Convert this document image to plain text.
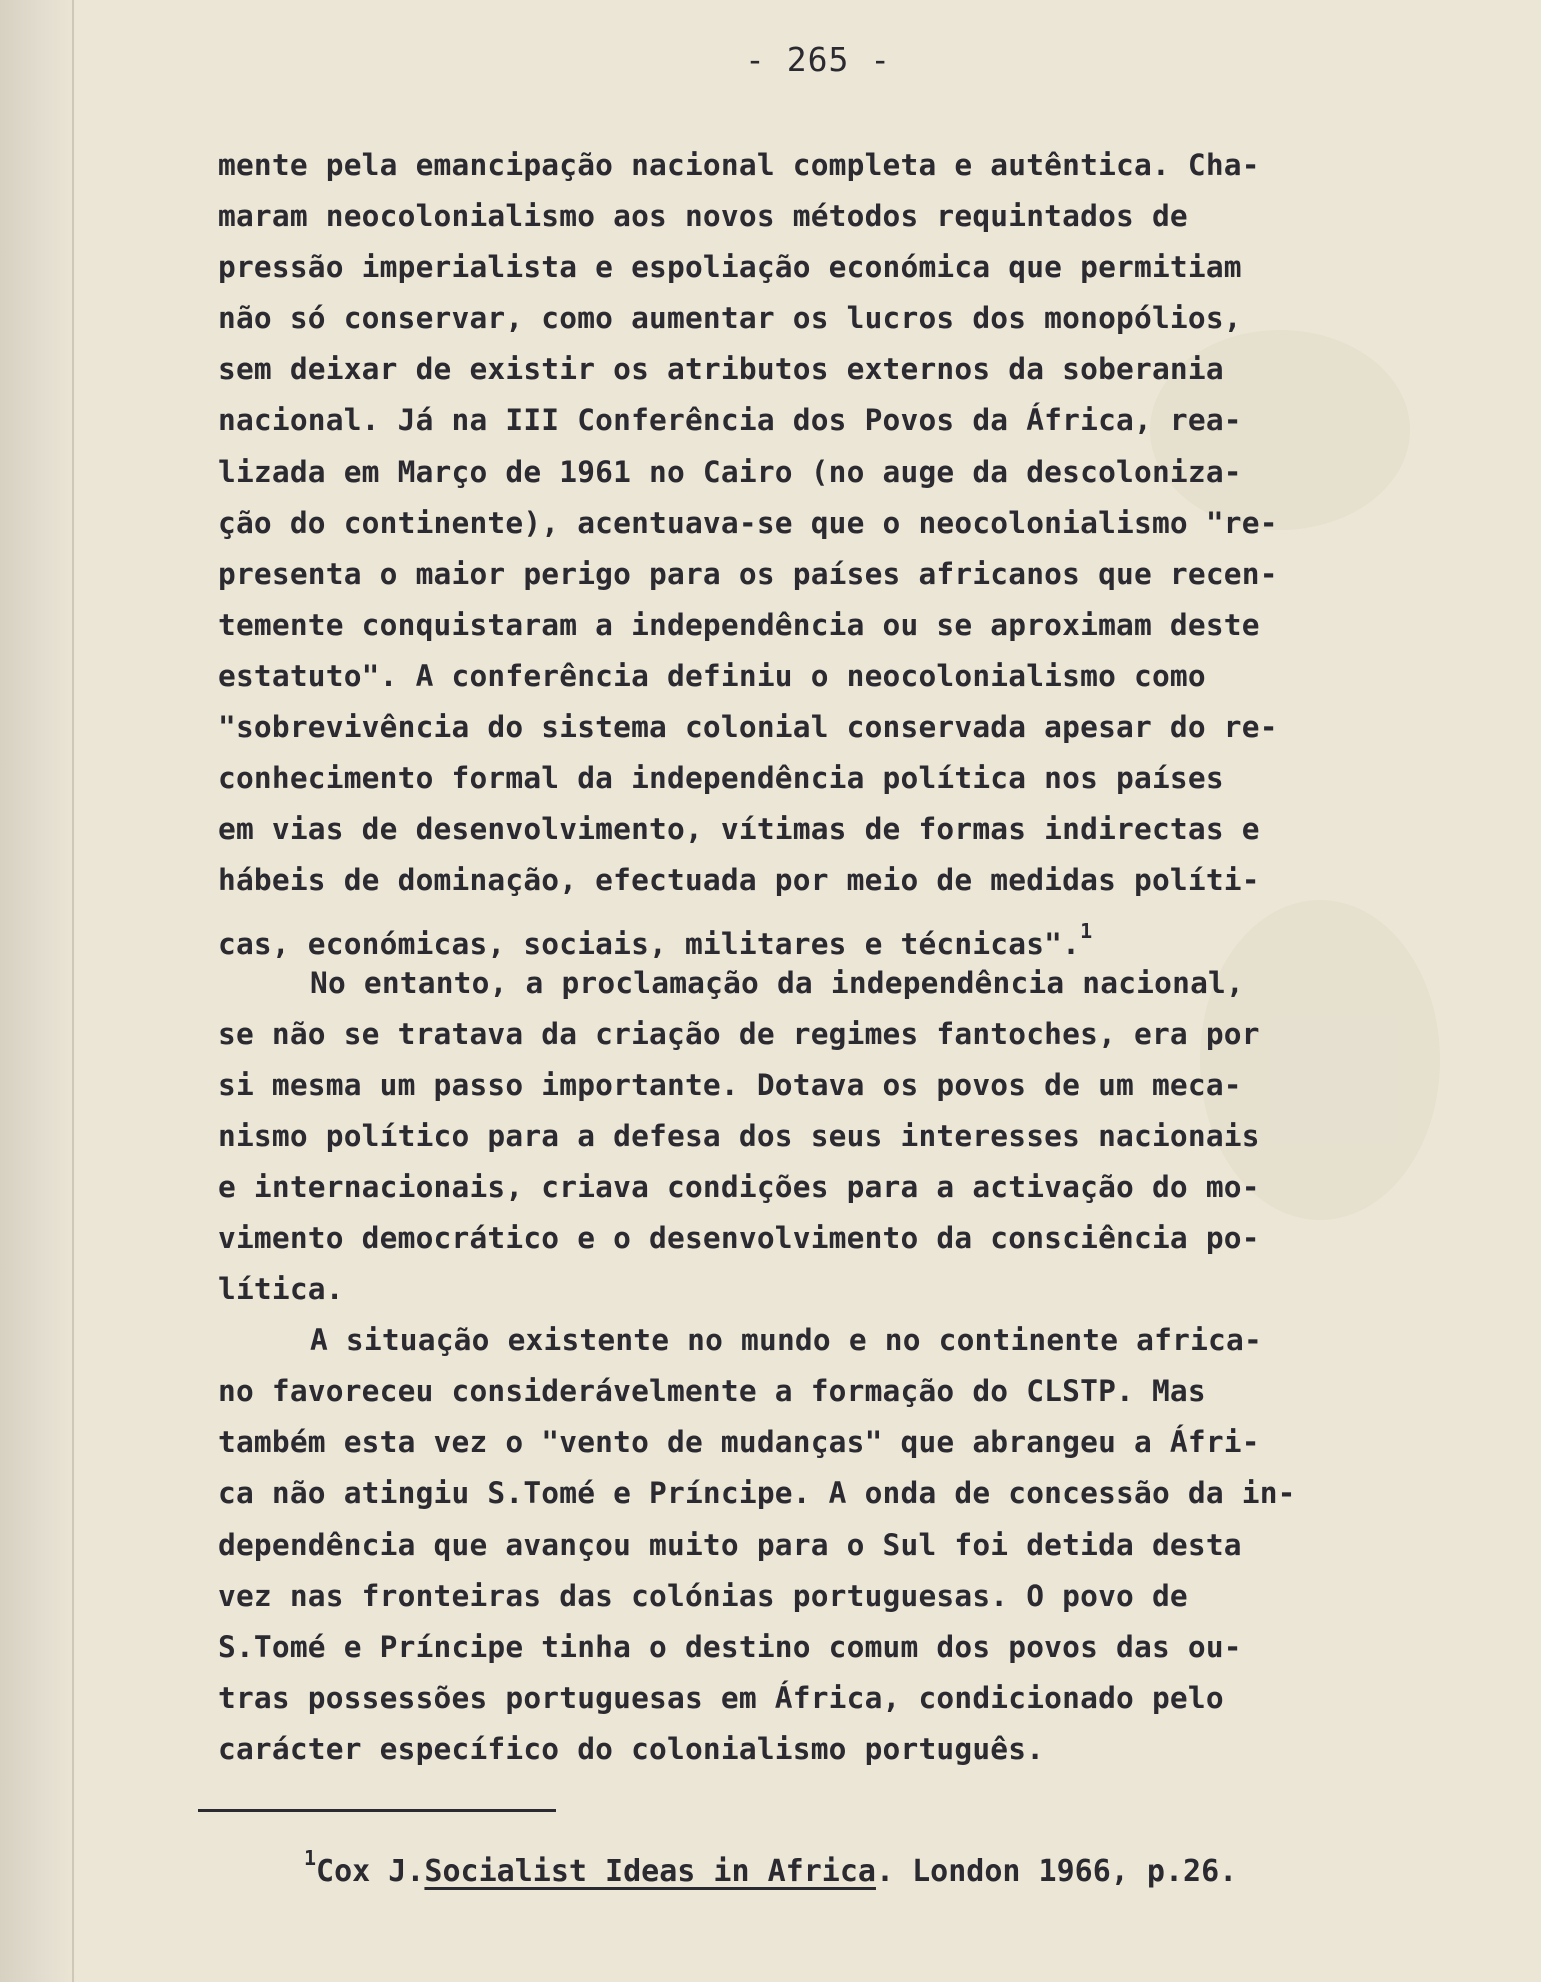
- 265 -
mente pela emancipação nacional completa e autêntica. Cha-
maram neocolonialismo aos novos métodos requintados de
pressão imperialista e espoliação económica que permitiam
não só conservar, como aumentar os lucros dos monopólios,
sem deixar de existir os atributos externos da soberania
nacional. Já na III Conferência dos Povos da África, rea-
lizada em Março de 1961 no Cairo (no auge da descoloniza-
ção do continente), acentuava-se que o neocolonialismo "re-
presenta o maior perigo para os países africanos que recen-
temente conquistaram a independência ou se aproximam deste
estatuto". A conferência definiu o neocolonialismo como
"sobrevivência do sistema colonial conservada apesar do re-
conhecimento formal da independência política nos países
em vias de desenvolvimento, vítimas de formas indirectas e
hábeis de dominação, efectuada por meio de medidas políti-
cas, económicas, sociais, militares e técnicas".$^1$
No entanto, a proclamação da independência nacional,
se não se tratava da criação de regimes fantoches, era por
si mesma um passo importante. Dotava os povos de um meca-
nismo político para a defesa dos seus interesses nacionais
e internacionais, criava condições para a activação do mo-
vimento democrático e o desenvolvimento da consciência po-
lítica.
A situação existente no mundo e no continente africa-
no favoreceu considerávelmente a formação do CLSTP. Mas
também esta vez o "vento de mudanças" que abrangeu a Áfri-
ca não atingiu S.Tomé e Príncipe. A onda de concessão da in-
dependência que avançou muito para o Sul foi detida desta
vez nas fronteiras das colónias portuguesas. O povo de
S.Tomé e Príncipe tinha o destino comum dos povos das ou-
tras possessões portuguesas em África, condicionado pelo
carácter específico do colonialismo português.
$^1$Cox J.Socialist Ideas in Africa. London 1966, p.26.
